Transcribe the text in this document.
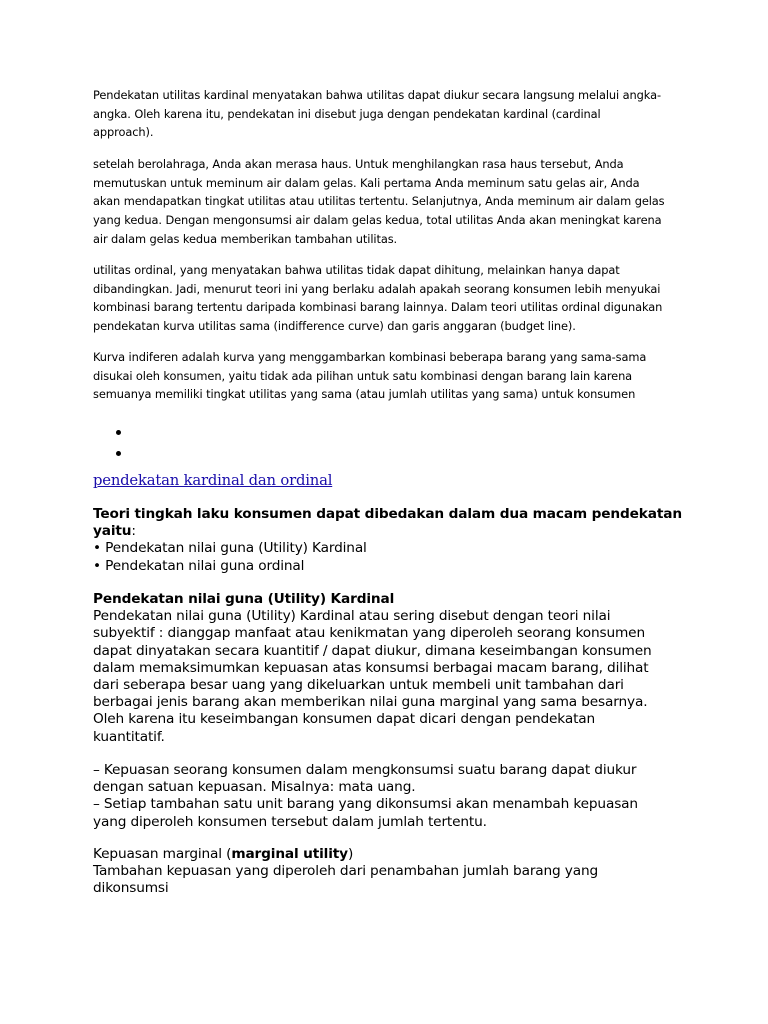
Pendekatan utilitas kardinal menyatakan bahwa utilitas dapat diukur secara langsung melalui angka-
angka. Oleh karena itu, pendekatan ini disebut juga dengan pendekatan kardinal (cardinal
approach).

setelah berolahraga, Anda akan merasa haus. Untuk menghilangkan rasa haus tersebut, Anda
memutuskan untuk meminum air dalam gelas. Kali pertama Anda meminum satu gelas air, Anda
akan mendapatkan tingkat utilitas atau utilitas tertentu. Selanjutnya, Anda meminum air dalam gelas
yang kedua. Dengan mengonsumsi air dalam gelas kedua, total utilitas Anda akan meningkat karena
air dalam gelas kedua memberikan tambahan utilitas.

utilitas ordinal, yang menyatakan bahwa utilitas tidak dapat dihitung, melainkan hanya dapat
dibandingkan. Jadi, menurut teori ini yang berlaku adalah apakah seorang konsumen lebih menyukai
kombinasi barang tertentu daripada kombinasi barang lainnya. Dalam teori utilitas ordinal digunakan
pendekatan kurva utilitas sama (indifference curve) dan garis anggaran (budget line).

Kurva indiferen adalah kurva yang menggambarkan kombinasi beberapa barang yang sama-sama
disukai oleh konsumen, yaitu tidak ada pilihan untuk satu kombinasi dengan barang lain karena
semuanya memiliki tingkat utilitas yang sama (atau jumlah utilitas yang sama) untuk konsumen

pendekatan kardinal dan ordinal
Teori tingkah laku konsumen dapat dibedakan dalam dua macam pendekatan
yaitu:
• Pendekatan nilai guna (Utility) Kardinal
• Pendekatan nilai guna ordinal
Pendekatan nilai guna (Utility) Kardinal
Pendekatan nilai guna (Utility) Kardinal atau sering disebut dengan teori nilai
subyektif : dianggap manfaat atau kenikmatan yang diperoleh seorang konsumen
dapat dinyatakan secara kuantitif / dapat diukur, dimana keseimbangan konsumen
dalam memaksimumkan kepuasan atas konsumsi berbagai macam barang, dilihat
dari seberapa besar uang yang dikeluarkan untuk membeli unit tambahan dari
berbagai jenis barang akan memberikan nilai guna marginal yang sama besarnya.
Oleh karena itu keseimbangan konsumen dapat dicari dengan pendekatan
kuantitatif.
– Kepuasan seorang konsumen dalam mengkonsumsi suatu barang dapat diukur
dengan satuan kepuasan. Misalnya: mata uang.
– Setiap tambahan satu unit barang yang dikonsumsi akan menambah kepuasan
yang diperoleh konsumen tersebut dalam jumlah tertentu.
Kepuasan marginal (marginal utility)
Tambahan kepuasan yang diperoleh dari penambahan jumlah barang yang
dikonsumsi
